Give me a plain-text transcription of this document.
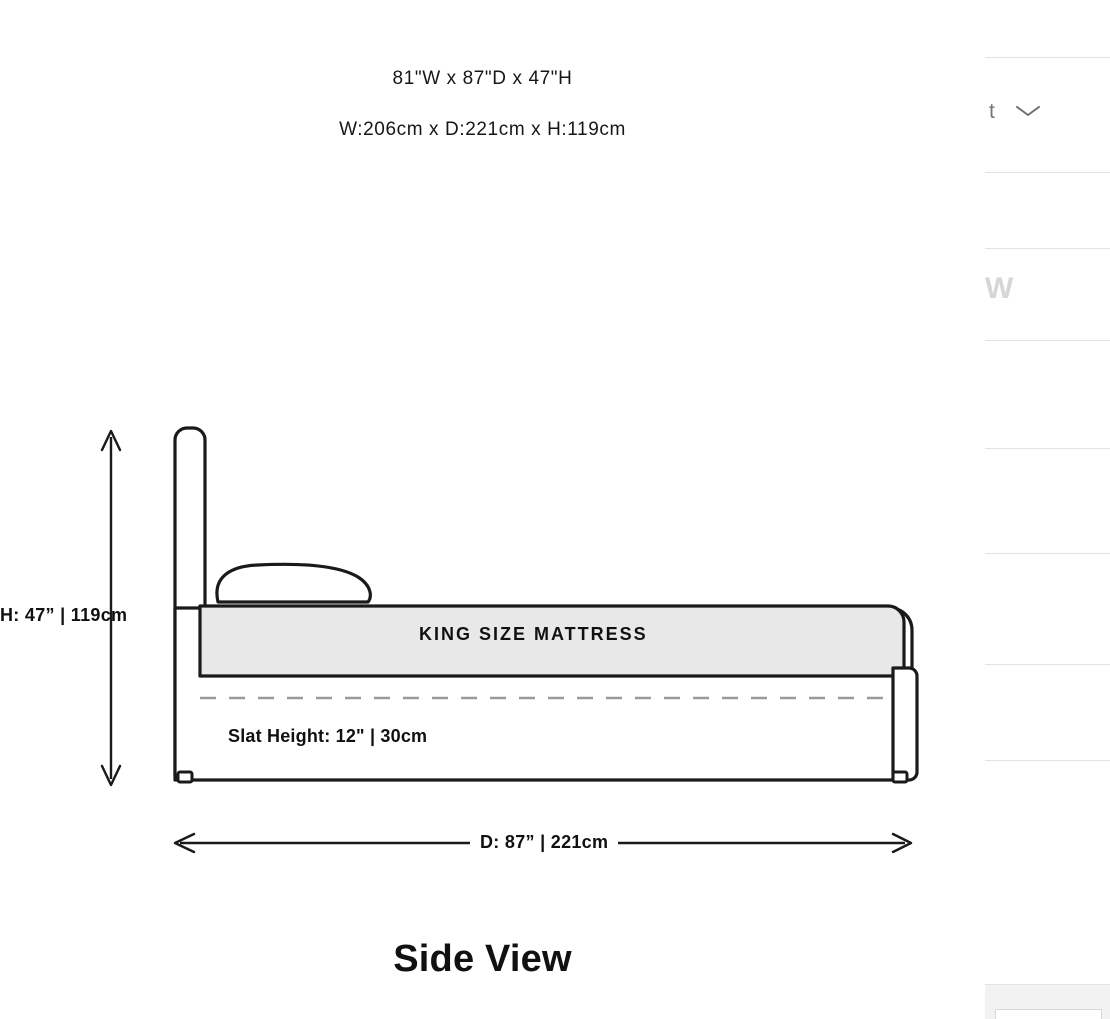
t
W
81"W x 87"D x 47"H
W:206cm x D:221cm x H:119cm
H: 47” | 119cm
D: 87” | 221cm
KING SIZE MATTRESS
Slat Height: 12" | 30cm
Side View
